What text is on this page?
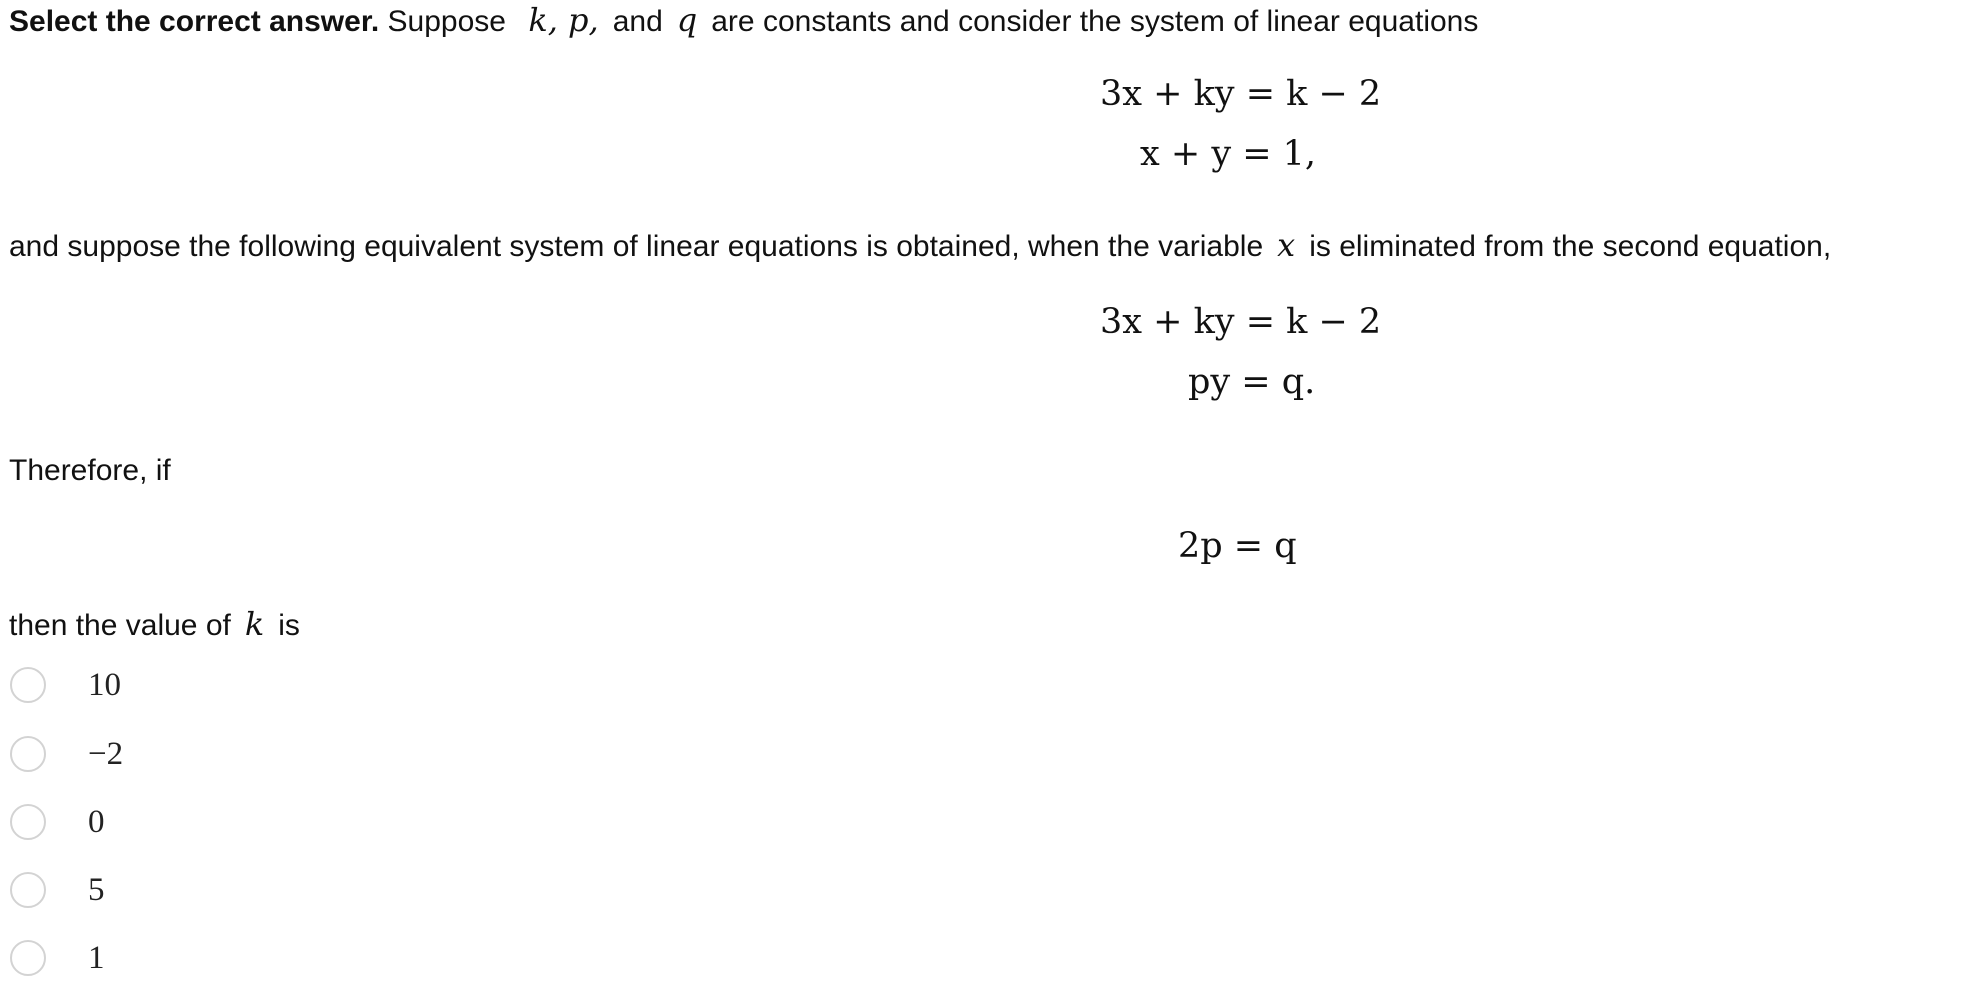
Select the correct answer. Suppose k, p, and q are constants and consider the system of linear equations
3x + ky = k − 2
x + y = 1,
and suppose the following equivalent system of linear equations is obtained, when the variable x is eliminated from the second equation,
3x + ky = k − 2
py = q.
Therefore, if
2p = q
then the value of k is
10
−2
0
5
1
